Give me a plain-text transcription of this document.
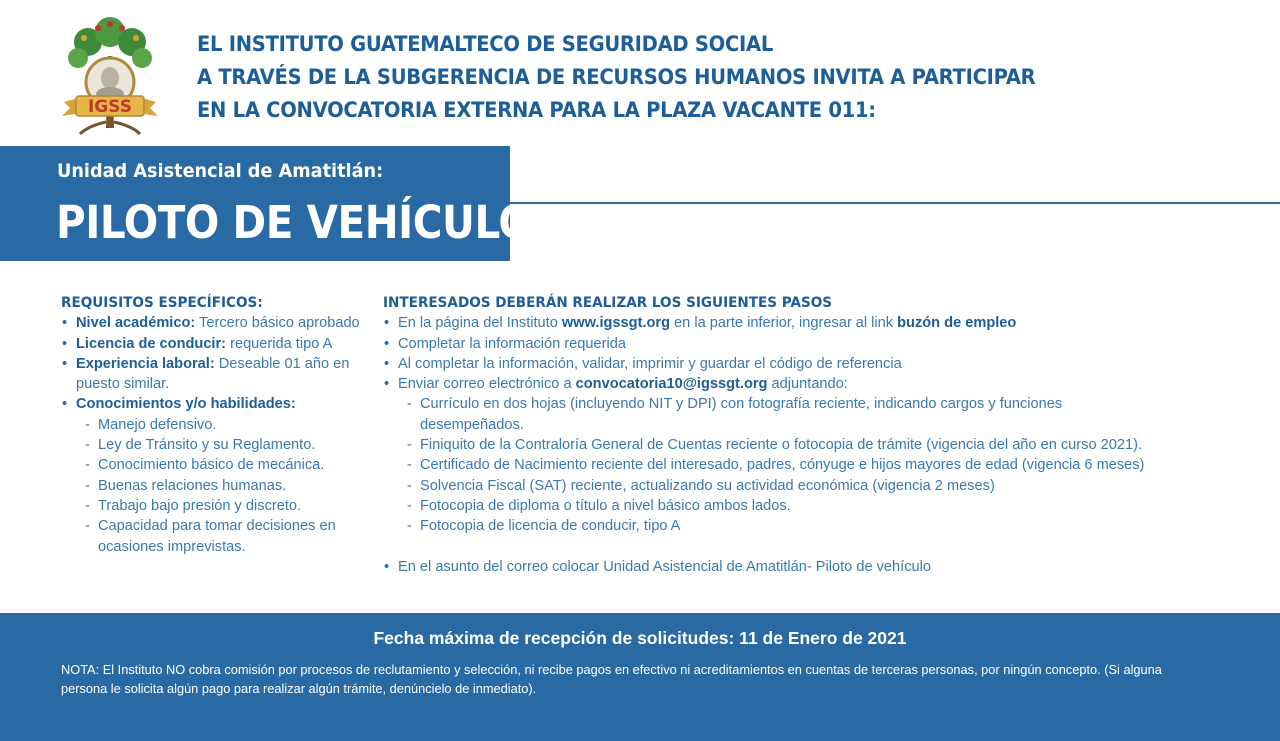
IGSS
EL INSTITUTO GUATEMALTECO DE SEGURIDAD SOCIAL
A TRAVÉS DE LA SUBGERENCIA DE RECURSOS HUMANOS INVITA A PARTICIPAR
EN LA CONVOCATORIA EXTERNA PARA LA PLAZA VACANTE 011:
Unidad Asistencial de Amatitlán:
PILOTO DE VEHÍCULO
REQUISITOS ESPECÍFICOS:
• Nivel académico: Tercero básico aprobado
• Licencia de conducir: requerida tipo A
• Experiencia laboral: Deseable 01 año en puesto similar.
• Conocimientos y/o habilidades:
- Manejo defensivo.
- Ley de Tránsito y su Reglamento.
- Conocimiento básico de mecánica.
- Buenas relaciones humanas.
- Trabajo bajo presión y discreto.
- Capacidad para tomar decisiones en ocasiones imprevistas.
INTERESADOS DEBERÁN REALIZAR LOS SIGUIENTES PASOS
• En la página del Instituto www.igssgt.org en la parte inferior, ingresar al link buzón de empleo
• Completar la información requerida
• Al completar la información, validar, imprimir y guardar el código de referencia
• Enviar correo electrónico a convocatoria10@igssgt.org adjuntando:
- Currículo en dos hojas (incluyendo NIT y DPI) con fotografía reciente, indicando cargos y funciones desempeñados.
- Finiquito de la Contraloría General de Cuentas reciente o fotocopia de trámite (vigencia del año en curso 2021).
- Certificado de Nacimiento reciente del interesado, padres, cónyuge e hijos mayores de edad (vigencia 6 meses)
- Solvencia Fiscal (SAT) reciente, actualizando su actividad económica (vigencia 2 meses)
- Fotocopia de diploma o título a nivel básico ambos lados.
- Fotocopia de licencia de conducir, tipo A
• En el asunto del correo colocar Unidad Asistencial de Amatitlán- Piloto de vehículo
Fecha máxima de recepción de solicitudes: 11 de Enero de 2021
NOTA: El Instituto NO cobra comisión por procesos de reclutamiento y selección, ni recibe pagos en efectivo ni acreditamientos en cuentas de terceras personas, por ningún concepto. (Si alguna persona le solicita algún pago para realizar algún trámite, denúncielo de inmediato).
